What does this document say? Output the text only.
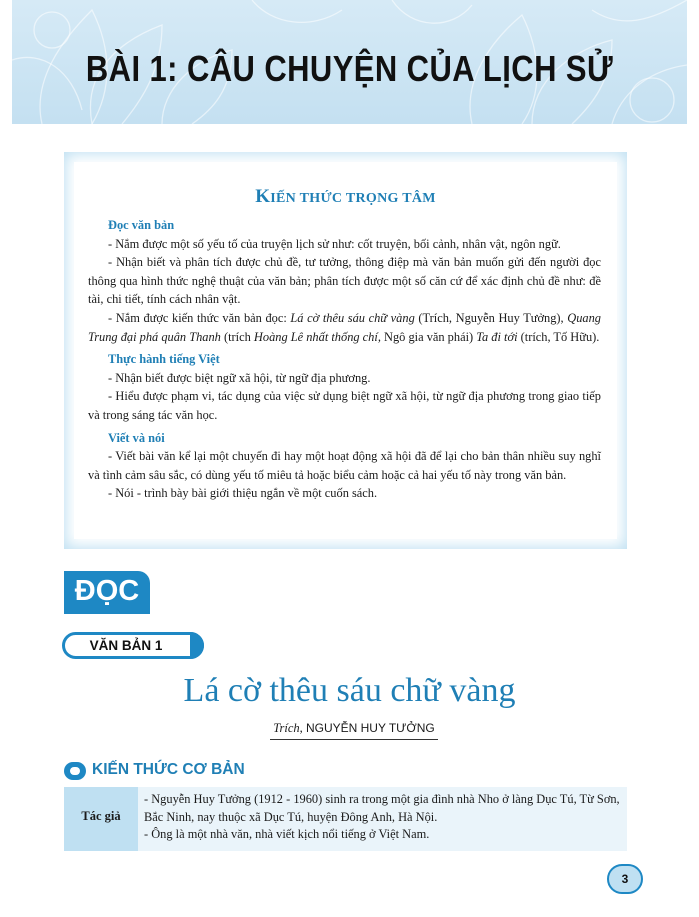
BÀI 1: CÂU CHUYỆN CỦA LỊCH SỬ
KIẾN THỨC TRỌNG TÂM
Đọc văn bản

- Nắm được một số yếu tố của truyện lịch sử như: cốt truyện, bối cảnh, nhân vật, ngôn ngữ.

- Nhận biết và phân tích được chủ đề, tư tưởng, thông điệp mà văn bản muốn gửi đến người đọc thông qua hình thức nghệ thuật của văn bản; phân tích được một số căn cứ để xác định chủ đề như: đề tài, chi tiết, tính cách nhân vật.

- Nắm được kiến thức văn bản đọc: Lá cờ thêu sáu chữ vàng (Trích, Nguyễn Huy Tưởng), Quang Trung đại phá quân Thanh (trích Hoàng Lê nhất thống chí, Ngô gia văn phái) Ta đi tới (trích, Tố Hữu).

Thực hành tiếng Việt

- Nhận biết được biệt ngữ xã hội, từ ngữ địa phương.

- Hiểu được phạm vi, tác dụng của việc sử dụng biệt ngữ xã hội, từ ngữ địa phương trong giao tiếp và trong sáng tác văn học.

Viết và nói

- Viết bài văn kể lại một chuyến đi hay một hoạt động xã hội đã để lại cho bản thân nhiều suy nghĩ và tình cảm sâu sắc, có dùng yếu tố miêu tả hoặc biểu cảm hoặc cả hai yếu tố này trong văn bản.

- Nói - trình bày bài giới thiệu ngắn về một cuốn sách.

ĐỌC
VĂN BẢN 1
Lá cờ thêu sáu chữ vàng
Trích, NGUYỄN HUY TƯỞNG
KIẾN THỨC CƠ BẢN
Tác giả

- Nguyễn Huy Tưởng (1912 - 1960) sinh ra trong một gia đình nhà Nho ở làng Dục Tú, Từ Sơn, Bắc Ninh, nay thuộc xã Dục Tú, huyện Đông Anh, Hà Nội.

- Ông là một nhà văn, nhà viết kịch nổi tiếng ở Việt Nam.

3
